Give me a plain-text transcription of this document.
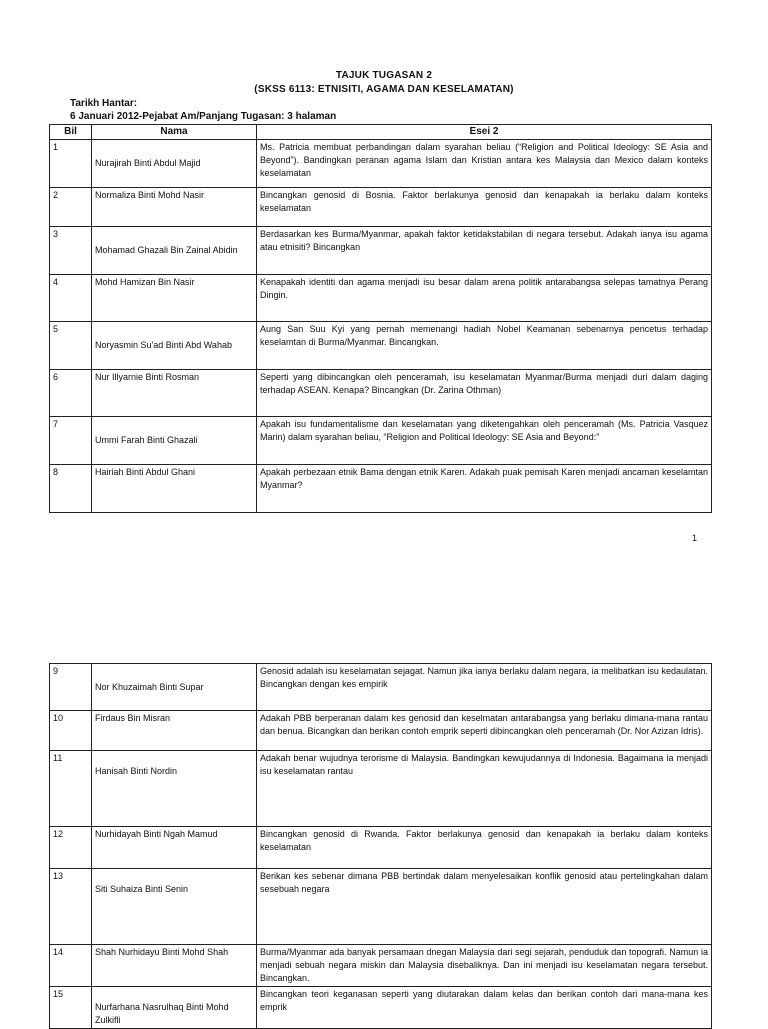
TAJUK TUGASAN 2
(SKSS 6113: ETNISITI, AGAMA DAN KESELAMATAN)
Tarikh Hantar:
6 Januari 2012-Pejabat Am/Panjang Tugasan: 3 halaman
Bil	Nama	Esei 2
1	Nurajirah Binti Abdul Majid	Ms. Patricia membuat perbandingan dalam syarahan beliau (“Religion and Political Ideology: SE Asia and Beyond”). Bandingkan peranan agama Islam dan Kristian antara kes Malaysia dan Mexico dalam konteks keselamatan
2	Normaliza Binti Mohd Nasir	Bincangkan genosid di Bosnia. Faktor berlakunya genosid dan kenapakah ia berlaku dalam konteks keselamatan
3	Mohamad Ghazali Bin Zainal Abidin	Berdasarkan kes Burma/Myanmar, apakah faktor ketidakstabilan di negara tersebut. Adakah ianya isu agama atau etnisiti? Bincangkan
4	Mohd Hamizan Bin Nasir	Kenapakah identiti dan agama menjadi isu besar dalam arena politik antarabangsa selepas tamatnya Perang Dingin.
5	Noryasmin Su'ad Binti Abd Wahab	Aung San Suu Kyi yang pernah memenangi hadiah Nobel Keamanan sebenarnya pencetus terhadap keselamtan di Burma/Myanmar. Bincangkan.
6	Nur Illyarnie Binti Rosman	Seperti yang dibincangkan oleh penceramah, isu keselamatan Myanmar/Burma menjadi duri dalam daging terhadap ASEAN. Kenapa? Bincangkan (Dr. Zarina Othman)
7	Ummi Farah Binti Ghazali	Apakah isu fundamentalisme dan keselamatan yang diketengahkan oleh penceramah (Ms. Patricia Vasquez Marin) dalam syarahan beliau, “Religion and Political Ideology: SE Asia and Beyond:”
8	Hairiah Binti Abdul Ghani	Apakah perbezaan etnik Bama dengan etnik Karen. Adakah puak pemisah Karen menjadi ancaman keselamtan Myanmar?
1
9	Nor Khuzaimah Binti Supar	Genosid adalah isu keselamatan sejagat. Namun jika ianya berlaku dalam negara, ia melibatkan isu kedaulatan. Bincangkan dengan kes empirik
10	Firdaus Bin Misran	Adakah PBB berperanan dalam kes genosid dan keselmatan antarabangsa yang berlaku dimana-mana rantau dan benua. Bicangkan dan berikan contoh emprik seperti dibincangkan oleh penceramah (Dr. Nor Azizan Idris).
11	Hanisah Binti Nordin	Adakah benar wujudnya terorisme di Malaysia. Bandingkan kewujudannya di Indonesia. Bagaimana ia menjadi isu keselamatan rantau
12	Nurhidayah Binti Ngah Mamud	Bincangkan genosid di Rwanda. Faktor berlakunya genosid dan kenapakah ia berlaku dalam konteks keselamatan
13	Siti Suhaiza Binti Senin	Berikan kes sebenar dimana PBB bertindak dalam menyelesaikan konflik genosid atau pertelingkahan dalam sesebuah negara
14	Shah Nurhidayu Binti Mohd Shah	Burma/Myanmar ada banyak persamaan dnegan Malaysia dari segi sejarah, penduduk dan topografi. Namun ia menjadi sebuah negara miskin dan Malaysia disebaliknya. Dan ini menjadi isu keselamatan negara tersebut. Bincangkan.
15	Nurfarhana Nasrulhaq Binti Mohd Zulkifli	Bincangkan teori keganasan seperti yang diutarakan dalam kelas dan berikan contoh dari mana-mana kes emprik
